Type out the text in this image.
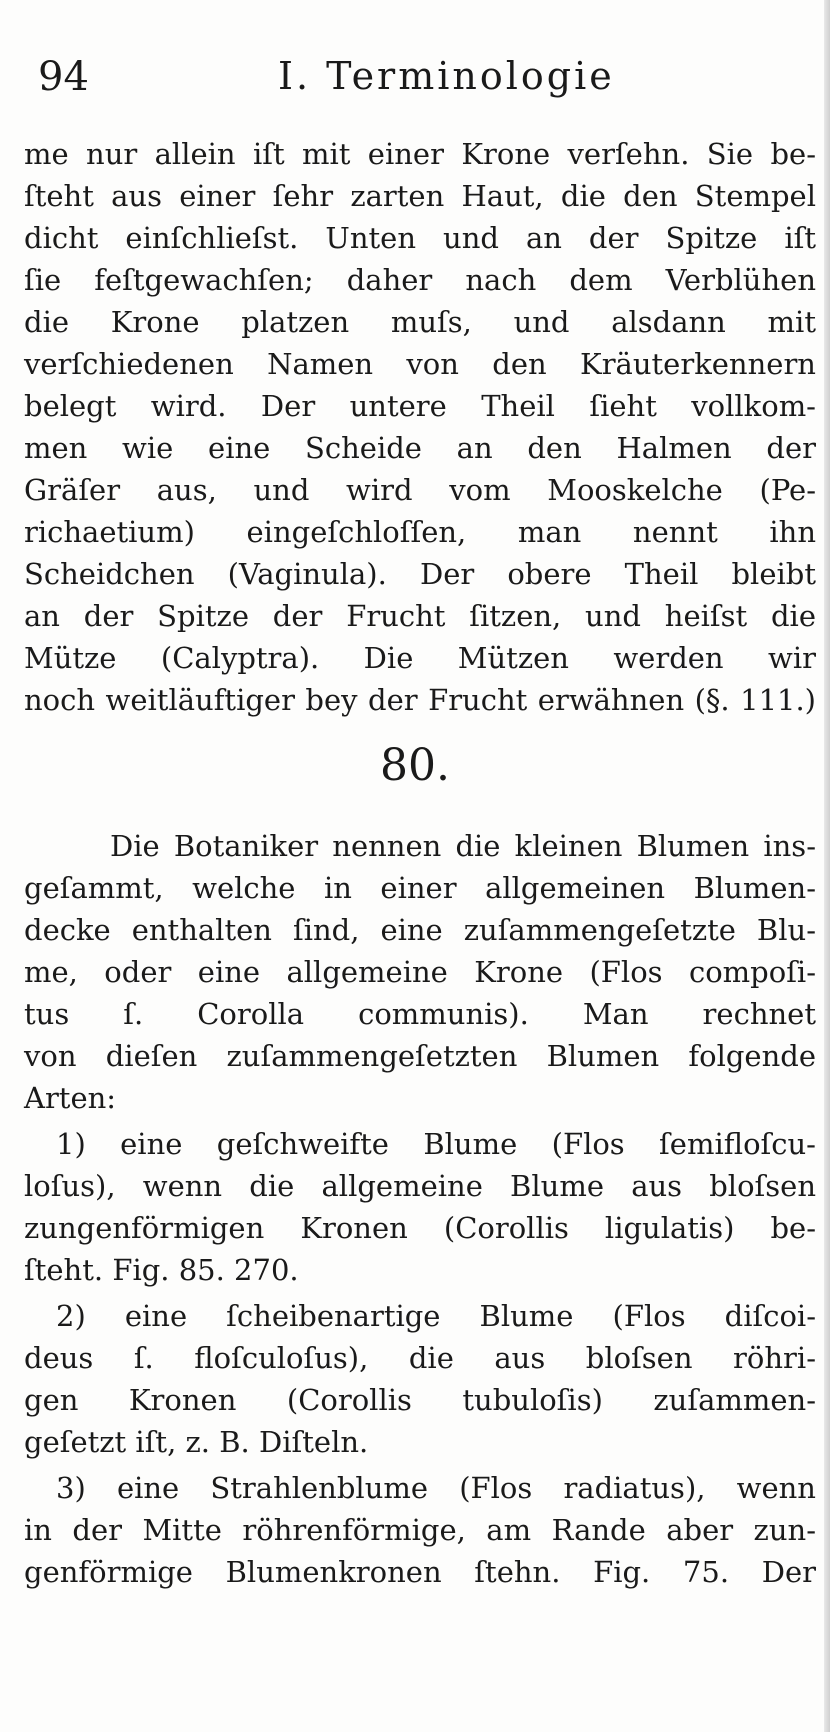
94	I. Terminologie
me nur allein iſt mit einer Krone verſehn. Sie be-
ſteht aus einer ſehr zarten Haut, die den Stempel
dicht einſchlieſst. Unten und an der Spitze iſt
ſie feſtgewachſen; daher nach dem Verblühen
die Krone platzen muſs, und alsdann mit
verſchiedenen Namen von den Kräuterkennern
belegt wird. Der untere Theil ſieht vollkom-
men wie eine Scheide an den Halmen der
Gräſer aus, und wird vom Mooskelche (Pe-
richaetium) eingeſchloſſen, man nennt ihn
Scheidchen (Vaginula). Der obere Theil bleibt
an der Spitze der Frucht ſitzen, und heiſst die
Mütze (Calyptra). Die Mützen werden wir
noch weitläuftiger bey der Frucht erwähnen (§. 111.)
80.
Die Botaniker nennen die kleinen Blumen ins-
geſammt, welche in einer allgemeinen Blumen-
decke enthalten ſind, eine zuſammengeſetzte Blu-
me, oder eine allgemeine Krone (Flos compoſi-
tus ſ. Corolla communis). Man rechnet
von dieſen zuſammengeſetzten Blumen folgende
Arten:
1) eine geſchweifte Blume (Flos ſemifloſcu-
loſus), wenn die allgemeine Blume aus bloſsen
zungenförmigen Kronen (Corollis ligulatis) be-
ſteht. Fig. 85. 270.
2) eine ſcheibenartige Blume (Flos diſcoi-
deus ſ. floſculoſus), die aus bloſsen röhri-
gen Kronen (Corollis tubuloſis) zuſammen-
geſetzt iſt, z. B. Diſteln.
3) eine Strahlenblume (Flos radiatus), wenn
in der Mitte röhrenförmige, am Rande aber zun-
genförmige Blumenkronen ſtehn. Fig. 75. Der
